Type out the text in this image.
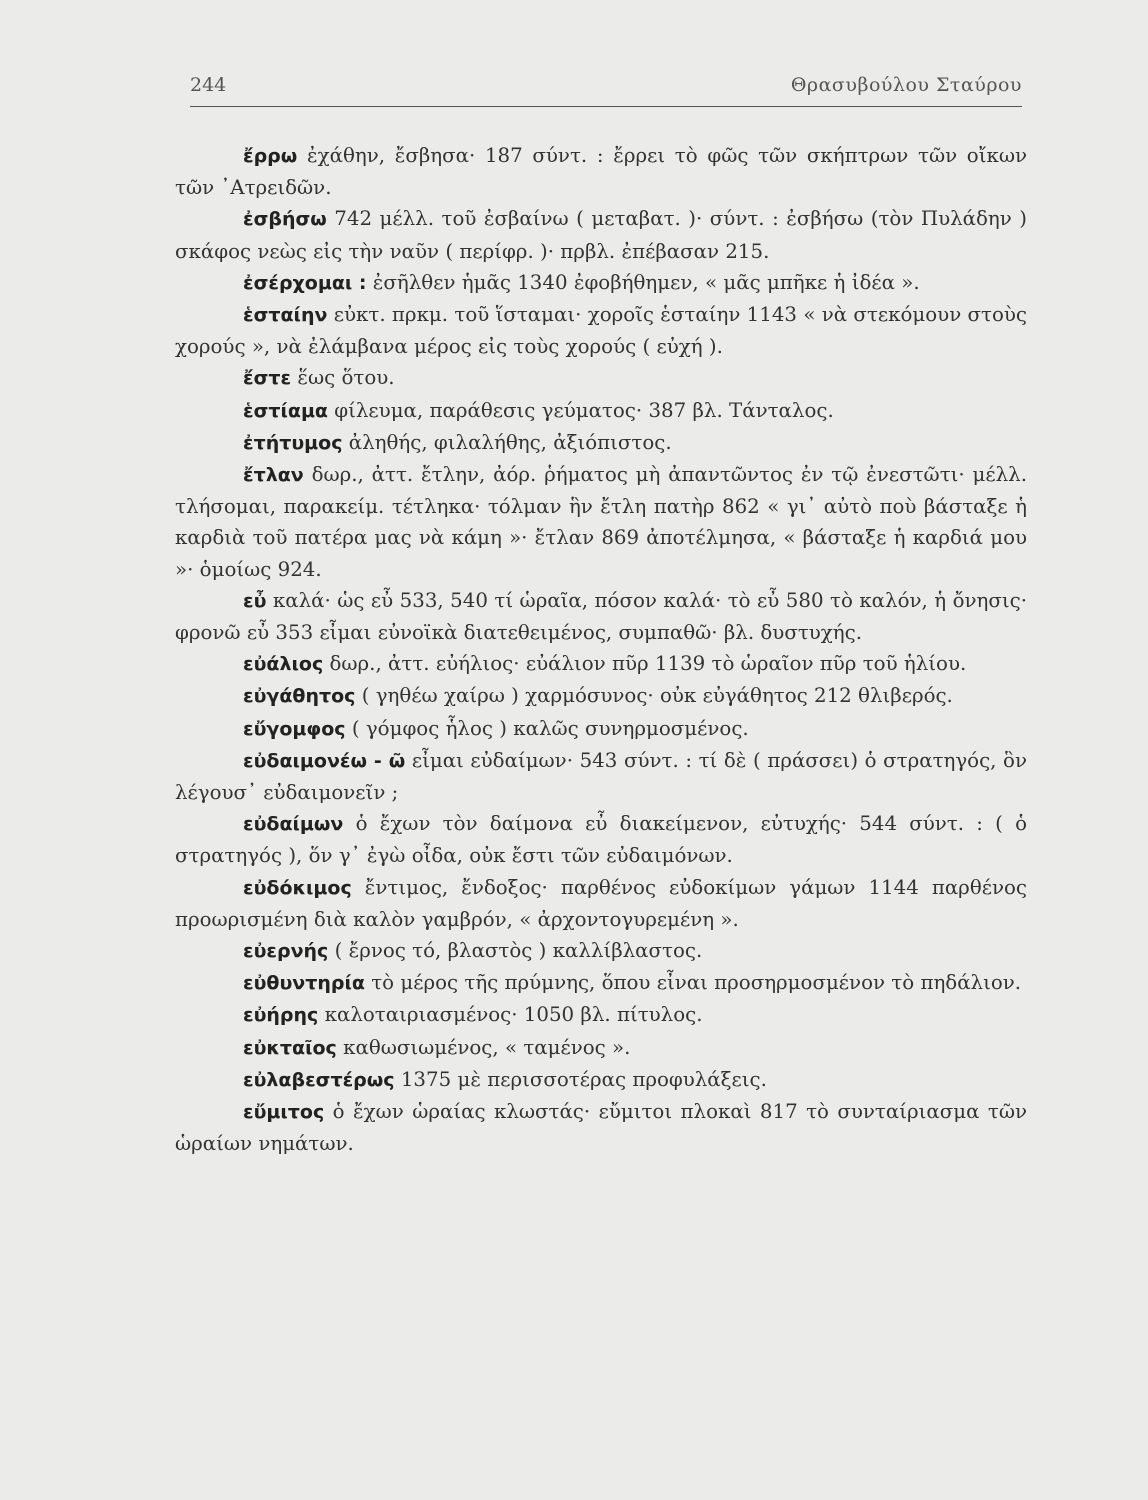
244	Θρασυβούλου Σταύρου

ἔρρω ἐχάθην, ἔσβησα· 187 σύντ. : ἔρρει τὸ φῶς τῶν σκήπτρων τῶν οἴκων τῶν ᾿Ατρειδῶν.

ἐσβήσω 742 μέλλ. τοῦ ἐσβαίνω ( μεταβατ. )· σύντ. : ἐσβήσω (τὸν Πυλάδην ) σκάφος νεὼς εἰς τὴν ναῦν ( περίφρ. )· πρβλ. ἐπέβασαν 215.

ἐσέρχομαι : ἐσῆλθεν ἡμᾶς 1340 ἐφοβήθημεν, « μᾶς μπῆκε ἡ ἰδέα ».

ἑσταίην εὐκτ. πρκμ. τοῦ ἵσταμαι· χοροῖς ἑσταίην 1143 « νὰ στεκόμουν στοὺς χορούς », νὰ ἐλάμβανα μέρος εἰς τοὺς χορούς ( εὐχή ).

ἔστε ἕως ὅτου.

ἑστίαμα φίλευμα, παράθεσις γεύματος· 387 βλ. Τάνταλος.

ἐτήτυμος ἀληθής, φιλαλήθης, ἀξιόπιστος.

ἔτλαν δωρ., ἀττ. ἔτλην, ἀόρ. ῥήματος μὴ ἀπαντῶντος ἐν τῷ ἐνεστῶτι· μέλλ. τλήσομαι, παρακείμ. τέτληκα· τόλμαν ἣν ἔτλη πατὴρ 862 « γι᾿ αὐτὸ ποὺ βάσταξε ἡ καρδιὰ τοῦ πατέρα μας νὰ κάμη »· ἔτλαν 869 ἀποτέλμησα, « βάσταξε ἡ καρδιά μου »· ὁμοίως 924.

εὖ καλά· ὡς εὖ 533, 540 τί ὡραῖα, πόσον καλά· τὸ εὖ 580 τὸ καλόν, ἡ ὄνησις· φρονῶ εὖ 353 εἶμαι εὐνοϊκὰ διατεθειμένος, συμπαθῶ· βλ. δυστυχής.

εὐάλιος δωρ., ἀττ. εὐήλιος· εὐάλιον πῦρ 1139 τὸ ὡραῖον πῦρ τοῦ ἡλίου.

εὐγάθητος ( γηθέω χαίρω ) χαρμόσυνος· οὐκ εὐγάθητος 212 θλιβερός.

εὔγομφος ( γόμφος ἧλος ) καλῶς συνηρμοσμένος.

εὐδαιμονέω - ῶ εἶμαι εὐδαίμων· 543 σύντ. : τί δὲ ( πράσσει) ὁ στρατηγός, ὃν λέγουσ᾿ εὐδαιμονεῖν ;

εὐδαίμων ὁ ἔχων τὸν δαίμονα εὖ διακείμενον, εὐτυχής· 544 σύντ. : ( ὁ στρατηγός ), ὅν γ᾿ ἐγὼ οἶδα, οὐκ ἔστι τῶν εὐδαιμόνων.

εὐδόκιμος ἔντιμος, ἔνδοξος· παρθένος εὐδοκίμων γάμων 1144 παρθένος προωρισμένη διὰ καλὸν γαμβρόν, « ἀρχοντογυρεμένη ».

εὐερνής ( ἔρνος τό, βλαστὸς ) καλλίβλαστος.

εὐθυντηρία τὸ μέρος τῆς πρύμνης, ὅπου εἶναι προσηρμοσμένον τὸ πηδάλιον.

εὐήρης καλοταιριασμένος· 1050 βλ. πίτυλος.

εὐκταῖος καθωσιωμένος, « ταμένος ».

εὐλαβεστέρως 1375 μὲ περισσοτέρας προφυλάξεις.

εὔμιτος ὁ ἔχων ὡραίας κλωστάς· εὔμιτοι πλοκαὶ 817 τὸ συνταίριασμα τῶν ὡραίων νημάτων.
